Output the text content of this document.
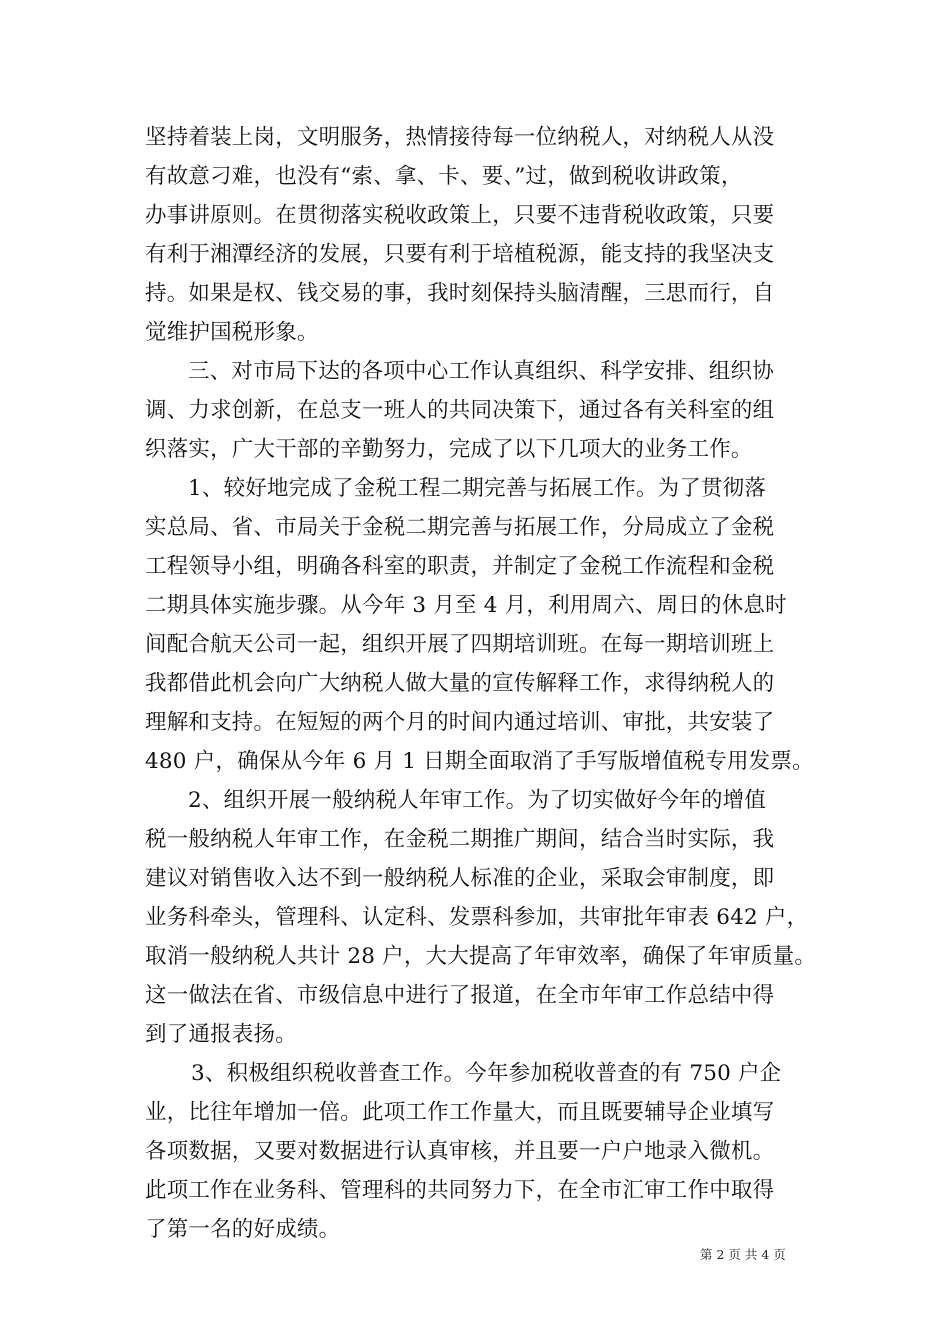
坚持着装上岗，文明服务，热情接待每一位纳税人，对纳税人从没
有故意刁难，也没有“索、拿、卡、要、”过，做到税收讲政策，
办事讲原则。在贯彻落实税收政策上，只要不违背税收政策，只要
有利于湘潭经济的发展，只要有利于培植税源，能支持的我坚决支
持。如果是权、钱交易的事，我时刻保持头脑清醒，三思而行，自
觉维护国税形象。
三、对市局下达的各项中心工作认真组织、科学安排、组织协
调、力求创新，在总支一班人的共同决策下，通过各有关科室的组
织落实，广大干部的辛勤努力，完成了以下几项大的业务工作。
1、较好地完成了金税工程二期完善与拓展工作。为了贯彻落
实总局、省、市局关于金税二期完善与拓展工作，分局成立了金税
工程领导小组，明确各科室的职责，并制定了金税工作流程和金税
二期具体实施步骤。从今年 3 月至 4 月，利用周六、周日的休息时
间配合航天公司一起，组织开展了四期培训班。在每一期培训班上
我都借此机会向广大纳税人做大量的宣传解释工作，求得纳税人的
理解和支持。在短短的两个月的时间内通过培训、审批，共安装了
480 户，确保从今年 6 月 1 日期全面取消了手写版增值税专用发票。
2、组织开展一般纳税人年审工作。为了切实做好今年的增值
税一般纳税人年审工作，在金税二期推广期间，结合当时实际，我
建议对销售收入达不到一般纳税人标准的企业，采取会审制度，即
业务科牵头，管理科、认定科、发票科参加，共审批年审表 642 户，
取消一般纳税人共计 28 户，大大提高了年审效率，确保了年审质量。
这一做法在省、市级信息中进行了报道，在全市年审工作总结中得
到了通报表扬。
3、积极组织税收普查工作。今年参加税收普查的有 750 户企
业，比往年增加一倍。此项工作工作量大，而且既要辅导企业填写
各项数据，又要对数据进行认真审核，并且要一户户地录入微机。
此项工作在业务科、管理科的共同努力下，在全市汇审工作中取得
了第一名的好成绩。
第 2 页 共 4 页
